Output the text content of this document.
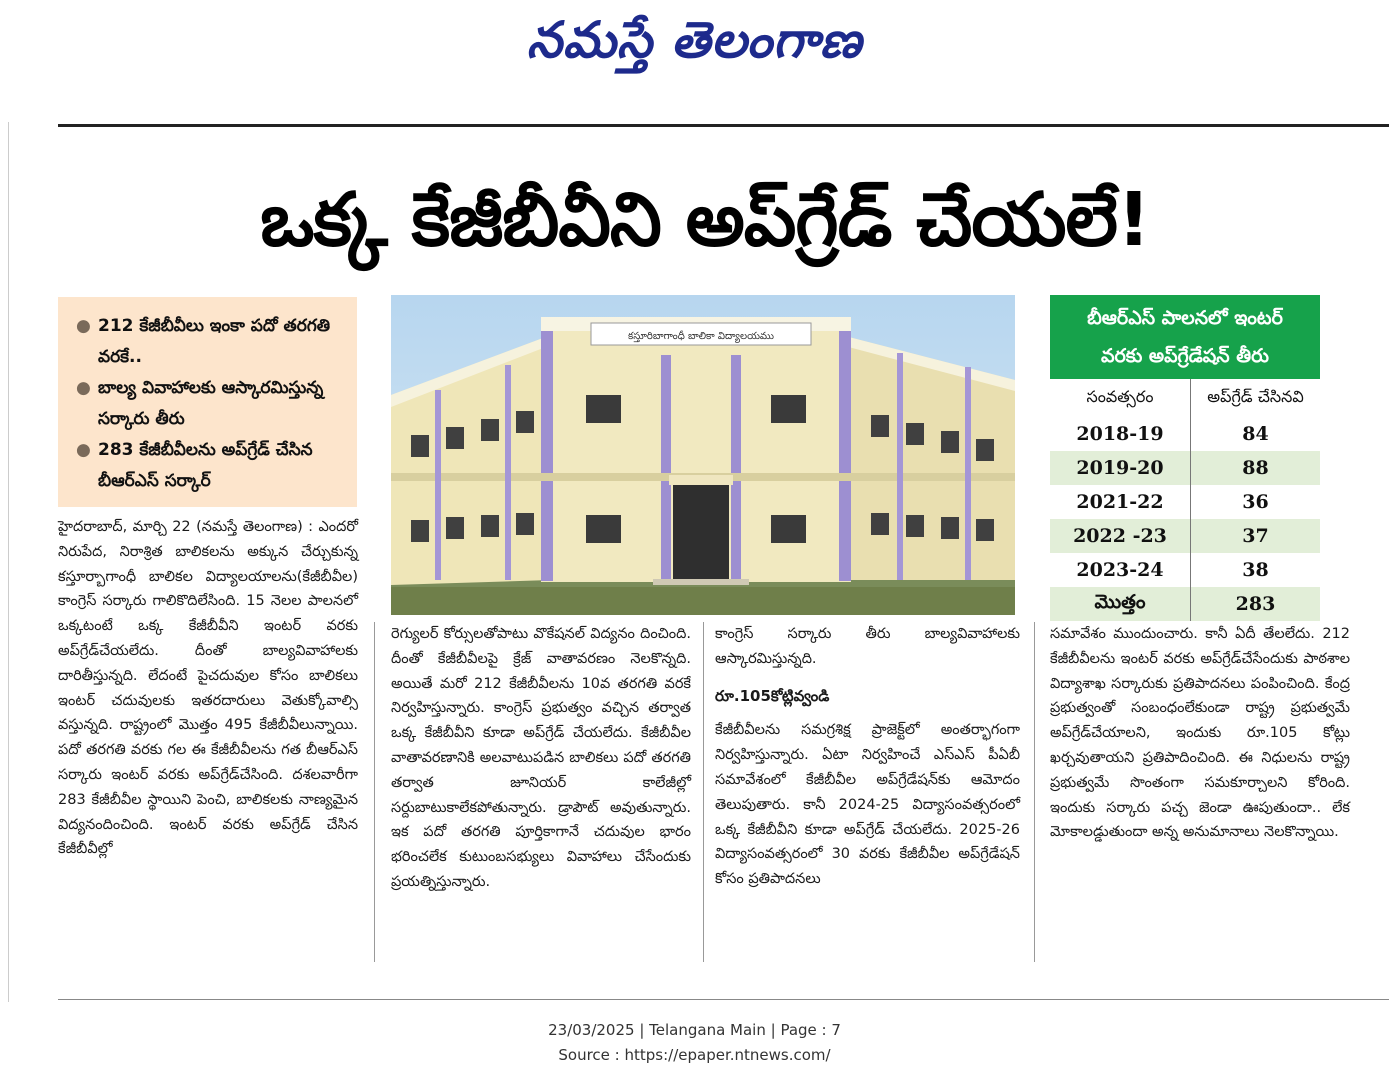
నమస్తే తెలంగాణ
ఒక్క కేజీబీవీని అప్‌గ్రేడ్ చేయలే!
● 212 కేజీబీవీలు ఇంకా పదో తరగతి వరకే..
● బాల్య వివాహాలకు ఆస్కారమిస్తున్న సర్కారు తీరు
● 283 కేజీబీవీలను అప్‌గ్రేడ్ చేసిన బీఆర్ఎస్ సర్కార్
కస్తూరిబాగాంధీ బాలికా విద్యాలయము
బీఆర్ఎస్ పాలనలో ఇంటర్
వరకు అప్‌గ్రేడేషన్ తీరు
సంవత్సరం	అప్‌గ్రేడ్ చేసినవి
2018-19	84
2019-20	88
2021-22	36
2022 -23	37
2023-24	38
మొత్తం	283

హైదరాబాద్, మార్చి 22 (నమస్తే తెలంగాణ) : ఎందరో నిరుపేద, నిరాశ్రిత బాలికలను అక్కున చేర్చుకున్న కస్తూర్బాగాంధీ బాలికల విద్యాలయాలను(కేజీబీవీల) కాంగ్రెస్ సర్కారు గాలికొదిలేసింది. 15 నెలల పాలనలో ఒక్కటంటే ఒక్క కేజీబీవీని ఇంటర్ వరకు అప్‌గ్రేడ్‌చేయలేదు. దీంతో బాల్యవివాహాలకు దారితీస్తున్నది. లేదంటే పైచదువుల కోసం బాలికలు ఇంటర్ చదువులకు ఇతరదారులు వెతుక్కోవాల్సి వస్తున్నది. రాష్ట్రంలో మొత్తం 495 కేజీబీవీలున్నాయి. పదో తరగతి వరకు గల ఈ కేజీబీవీలను గత బీఆర్ఎస్ సర్కారు ఇంటర్ వరకు అప్‌గ్రేడ్‌చేసింది. దశలవారీగా 283 కేజీబీవీల స్థాయిని పెంచి, బాలికలకు నాణ్యమైన విద్యనందించింది. ఇంటర్ వరకు అప్‌గ్రేడ్ చేసిన కేజీబీవీల్లో

రెగ్యులర్ కోర్సులతోపాటు వొకేషనల్ విద్యనం దించింది. దీంతో కేజీబీవీలపై క్రేజ్ వాతావరణం నెలకొన్నది. అయితే మరో 212 కేజీబీవీలను 10వ తరగతి వరకే నిర్వహిస్తున్నారు. కాంగ్రెస్ ప్రభుత్వం వచ్చిన తర్వాత ఒక్క కేజీబీవీని కూడా అప్‌గ్రేడ్ చేయలేదు. కేజీబీవీల వాతావరణానికి అలవాటుపడిన బాలికలు పదో తరగతి తర్వాత జూనియర్ కాలేజీల్లో సర్దుబాటుకాలేకపోతున్నారు. డ్రాపౌట్ అవుతున్నారు. ఇక పదో తరగతి పూర్తికాగానే చదువుల భారం భరించలేక కుటుంబసభ్యులు వివాహాలు చేసేందుకు ప్రయత్నిస్తున్నారు.

కాంగ్రెస్ సర్కారు తీరు బాల్యవివాహాలకు ఆస్కారమిస్తున్నది.

రూ.105కోట్లివ్వండి

కేజీబీవీలను సమగ్రశిక్ష ప్రాజెక్ట్‌లో అంతర్భాగంగా నిర్వహిస్తున్నారు. ఏటా నిర్వహించే ఎస్ఎస్ పీఏబీ సమావేశంలో కేజీబీవీల అప్‌గ్రేడేషన్‌కు ఆమోదం తెలుపుతారు. కానీ 2024-25 విద్యాసంవత్సరంలో ఒక్క కేజీబీవీని కూడా అప్‌గ్రేడ్ చేయలేదు. 2025-26 విద్యాసంవత్సరంలో 30 వరకు కేజీబీవీల అప్‌గ్రేడేషన్ కోసం ప్రతిపాదనలు

సమావేశం ముందుంచారు. కానీ ఏదీ తేలలేదు. 212 కేజీబీవీలను ఇంటర్ వరకు అప్‌గ్రేడ్‌చేసేందుకు పాఠశాల విద్యాశాఖ సర్కారుకు ప్రతిపాదనలు పంపించింది. కేంద్ర ప్రభుత్వంతో సంబంధంలేకుండా రాష్ట్ర ప్రభుత్వమే అప్‌గ్రేడ్‌చేయాలని, ఇందుకు రూ.105 కోట్లు ఖర్చవుతాయని ప్రతిపాదించింది. ఈ నిధులను రాష్ట్ర ప్రభుత్వమే సొంతంగా సమకూర్చాలని కోరింది. ఇందుకు సర్కారు పచ్చ జెండా ఊపుతుందా.. లేక మోకాలడ్డుతుందా అన్న అనుమానాలు నెలకొన్నాయి.

23/03/2025 | Telangana Main | Page : 7
Source : https://epaper.ntnews.com/
